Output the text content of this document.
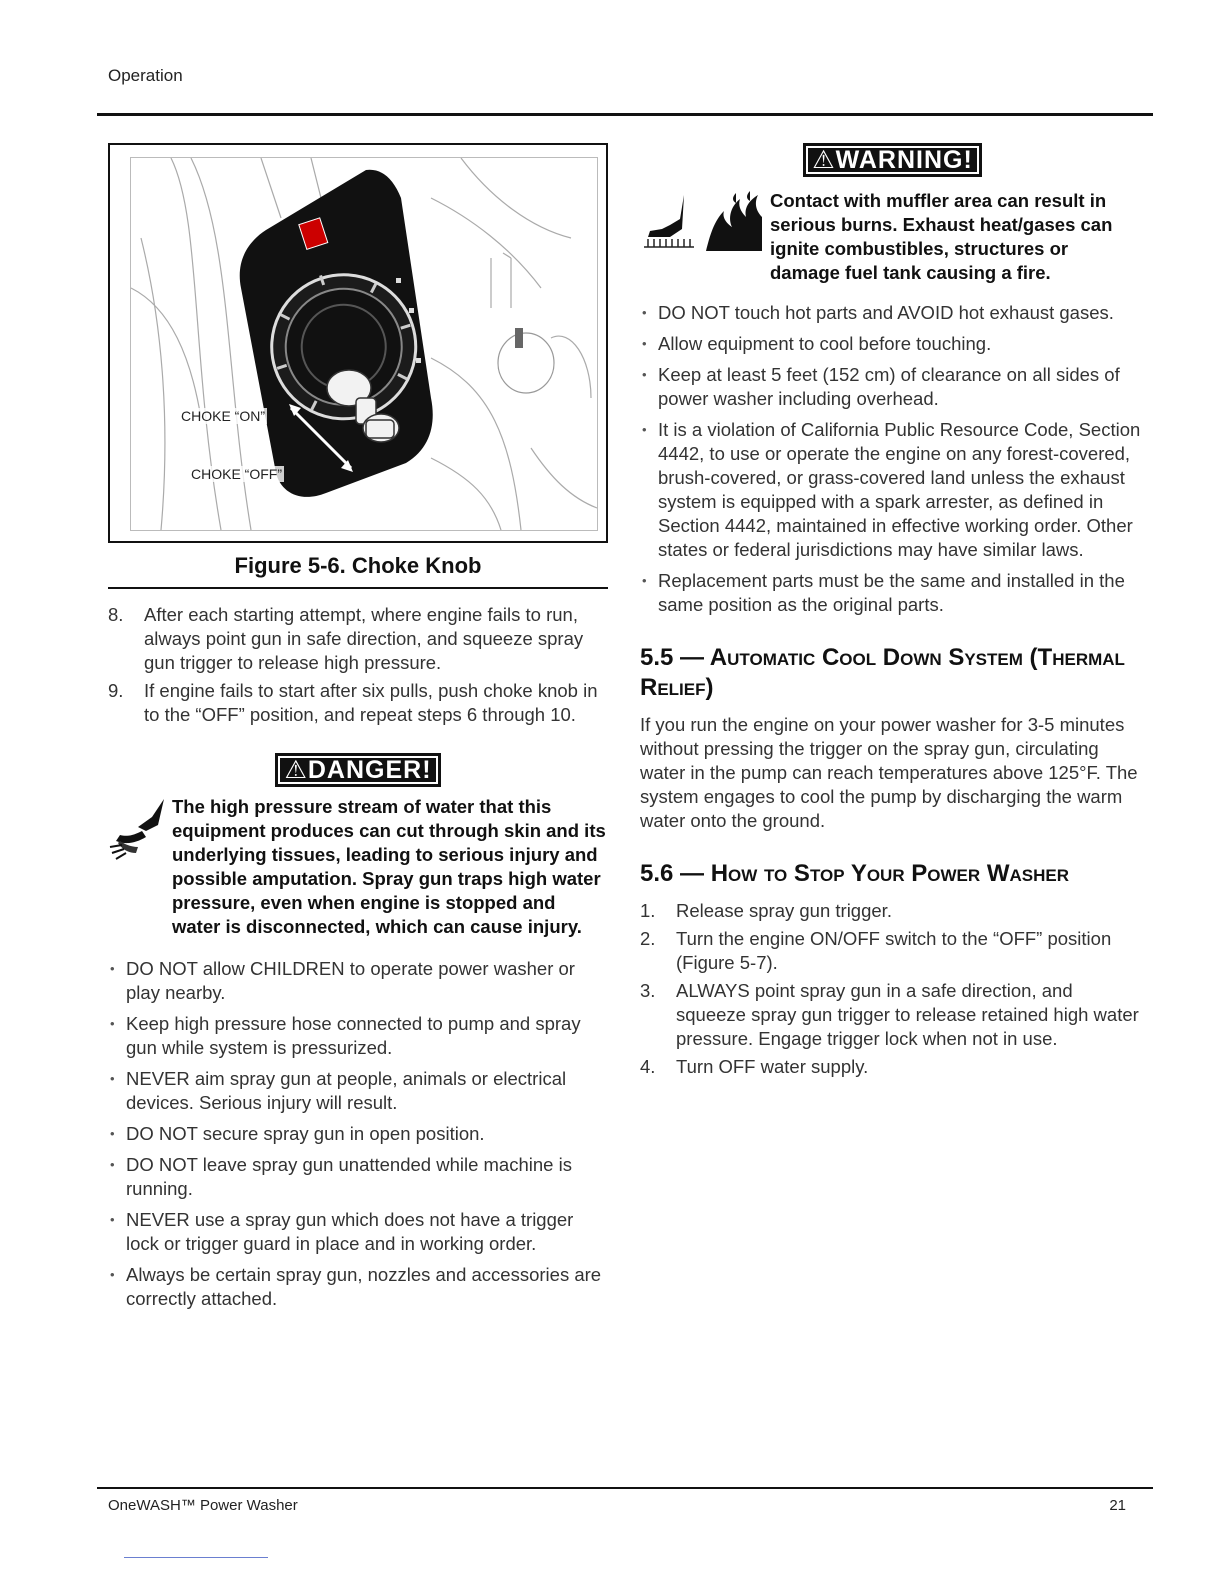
Operation
CHOKE “ON”
CHOKE “OFF”
Figure 5-6. Choke Knob
8. After each starting attempt, where engine fails to run, always point gun in safe direction, and squeeze spray gun trigger to release high pressure.
9. If engine fails to start after six pulls, push choke knob in to the “OFF” position, and repeat steps 6 through 10.
⚠DANGER!
The high pressure stream of water that this equipment produces can cut through skin and its underlying tissues, leading to serious injury and possible amputation. Spray gun traps high water pressure, even when engine is stopped and water is disconnected, which can cause injury.
• DO NOT allow CHILDREN to operate power washer or play nearby.
• Keep high pressure hose connected to pump and spray gun while system is pressurized.
• NEVER aim spray gun at people, animals or electrical devices. Serious injury will result.
• DO NOT secure spray gun in open position.
• DO NOT leave spray gun unattended while machine is running.
• NEVER use a spray gun which does not have a trigger lock or trigger guard in place and in working order.
• Always be certain spray gun, nozzles and accessories are correctly attached.
⚠WARNING!
Contact with muffler area can result in serious burns. Exhaust heat/gases can ignite combustibles, structures or damage fuel tank causing a fire.
• DO NOT touch hot parts and AVOID hot exhaust gases.
• Allow equipment to cool before touching.
• Keep at least 5 feet (152 cm) of clearance on all sides of power washer including overhead.
• It is a violation of California Public Resource Code, Section 4442, to use or operate the engine on any forest-covered, brush-covered, or grass-covered land unless the exhaust system is equipped with a spark arrester, as defined in Section 4442, maintained in effective working order. Other states or federal jurisdictions may have similar laws.
• Replacement parts must be the same and installed in the same position as the original parts.
5.5 — Automatic Cool Down System (Thermal Relief)
If you run the engine on your power washer for 3-5 minutes without pressing the trigger on the spray gun, circulating water in the pump can reach temperatures above 125°F. The system engages to cool the pump by discharging the warm water onto the ground.
5.6 — How to Stop Your Power Washer
1. Release spray gun trigger.
2. Turn the engine ON/OFF switch to the “OFF” position (Figure 5-7).
3. ALWAYS point spray gun in a safe direction, and squeeze spray gun trigger to release retained high water pressure. Engage trigger lock when not in use.
4. Turn OFF water supply.
OneWASH™ Power Washer	21
